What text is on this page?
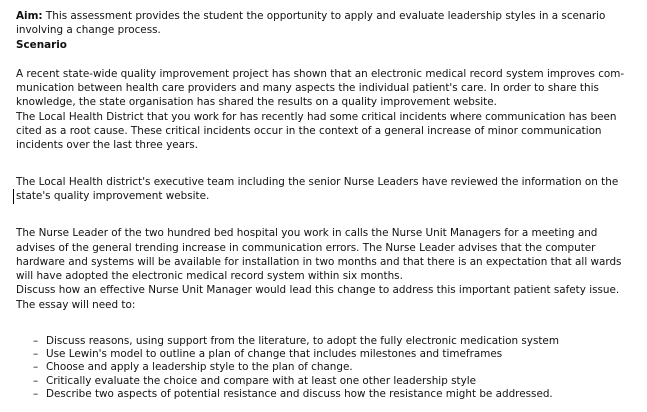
Aim: This assessment provides the student the opportunity to apply and evaluate leadership styles in a scenario
involving a change process.
Scenario
A recent state-wide quality improvement project has shown that an electronic medical record system improves com-
munication between health care providers and many aspects the individual patient's care. In order to share this
knowledge, the state organisation has shared the results on a quality improvement website.
The Local Health District that you work for has recently had some critical incidents where communication has been
cited as a root cause. These critical incidents occur in the context of a general increase of minor communication
incidents over the last three years.
The Local Health district's executive team including the senior Nurse Leaders have reviewed the information on the
state's quality improvement website.
The Nurse Leader of the two hundred bed hospital you work in calls the Nurse Unit Managers for a meeting and
advises of the general trending increase in communication errors. The Nurse Leader advises that the computer
hardware and systems will be available for installation in two months and that there is an expectation that all wards
will have adopted the electronic medical record system within six months.
Discuss how an effective Nurse Unit Manager would lead this change to address this important patient safety issue.
The essay will need to:
– Discuss reasons, using support from the literature, to adopt the fully electronic medication system
– Use Lewin's model to outline a plan of change that includes milestones and timeframes
– Choose and apply a leadership style to the plan of change.
– Critically evaluate the choice and compare with at least one other leadership style
– Describe two aspects of potential resistance and discuss how the resistance might be addressed.
